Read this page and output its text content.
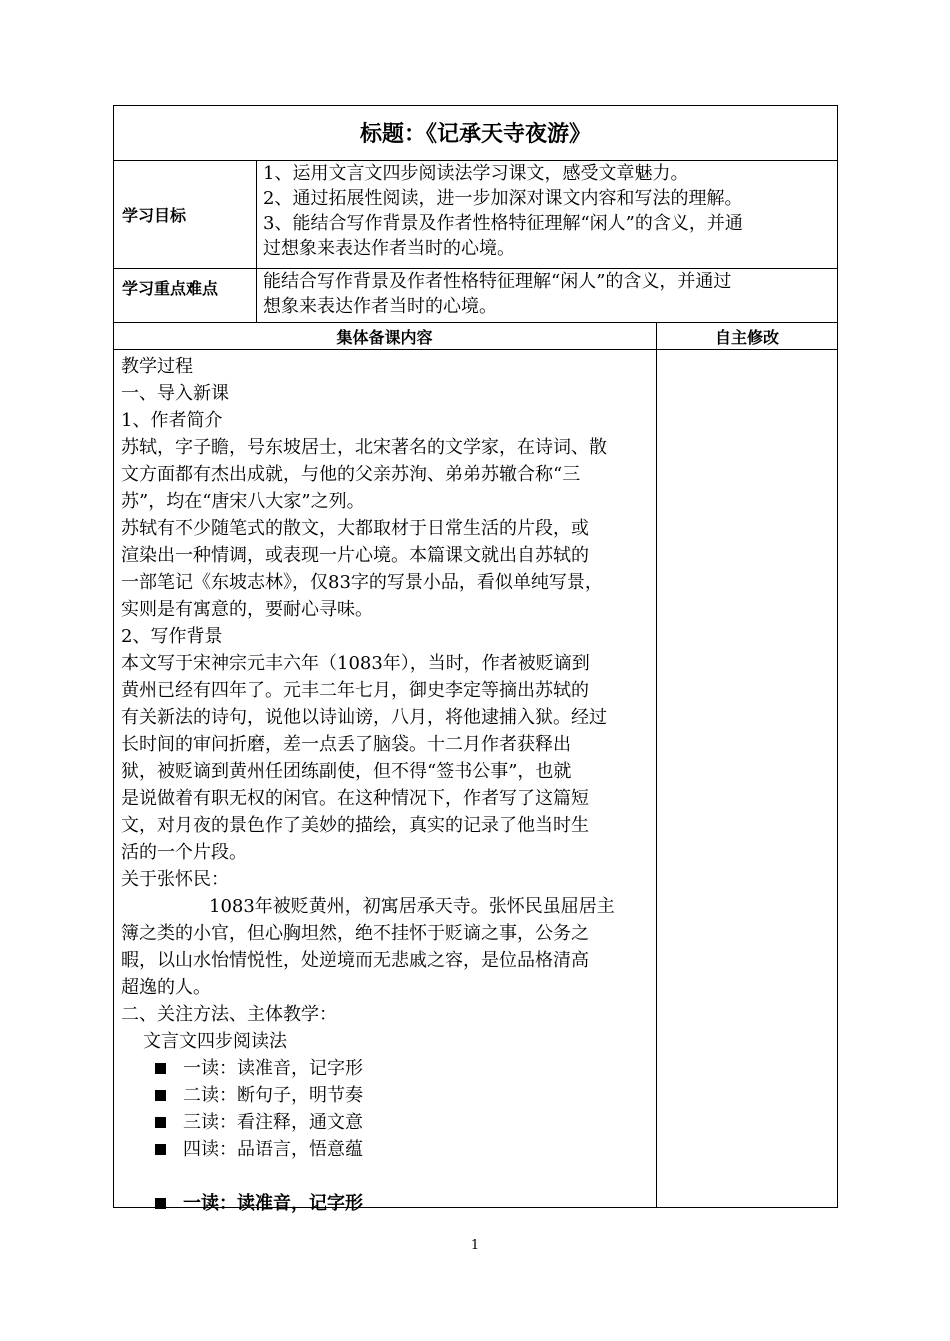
标题：《记承天寺夜游》
学习目标
1、运用文言文四步阅读法学习课文，感受文章魅力。
2、通过拓展性阅读，进一步加深对课文内容和写法的理解。
3、能结合写作背景及作者性格特征理解“闲人”的含义，并通
过想象来表达作者当时的心境。
学习重点难点	能结合写作背景及作者性格特征理解“闲人”的含义，并通过
想象来表达作者当时的心境。
集体备课内容	自主修改

教学过程

一、导入新课

1、作者简介

苏轼，字子瞻，号东坡居士，北宋著名的文学家，在诗词、散

文方面都有杰出成就，与他的父亲苏洵、弟弟苏辙合称“三

苏”，均在“唐宋八大家”之列。

苏轼有不少随笔式的散文，大都取材于日常生活的片段，或

渲染出一种情调，或表现一片心境。本篇课文就出自苏轼的

一部笔记《东坡志林》，仅83字的写景小品，看似单纯写景，

实则是有寓意的，要耐心寻味。

2、写作背景

本文写于宋神宗元丰六年（1083年），当时，作者被贬谪到

黄州已经有四年了。元丰二年七月，御史李定等摘出苏轼的

有关新法的诗句，说他以诗讪谤，八月，将他逮捕入狱。经过

长时间的审问折磨，差一点丢了脑袋。十二月作者获释出

狱，被贬谪到黄州任团练副使，但不得“签书公事”，也就

是说做着有职无权的闲官。在这种情况下，作者写了这篇短

文，对月夜的景色作了美妙的描绘，真实的记录了他当时生

活的一个片段。

关于张怀民：

1083年被贬黄州，初寓居承天寺。张怀民虽屈居主

簿之类的小官，但心胸坦然，绝不挂怀于贬谪之事，公务之

暇，以山水怡情悦性，处逆境而无悲戚之容，是位品格清高

超逸的人。

二、关注方法、主体教学：

文言文四步阅读法

一读：读准音，记字形

二读：断句子，明节奏

三读：看注释，通文意

四读：品语言，悟意蕴

一读：读准音，记字形

1
